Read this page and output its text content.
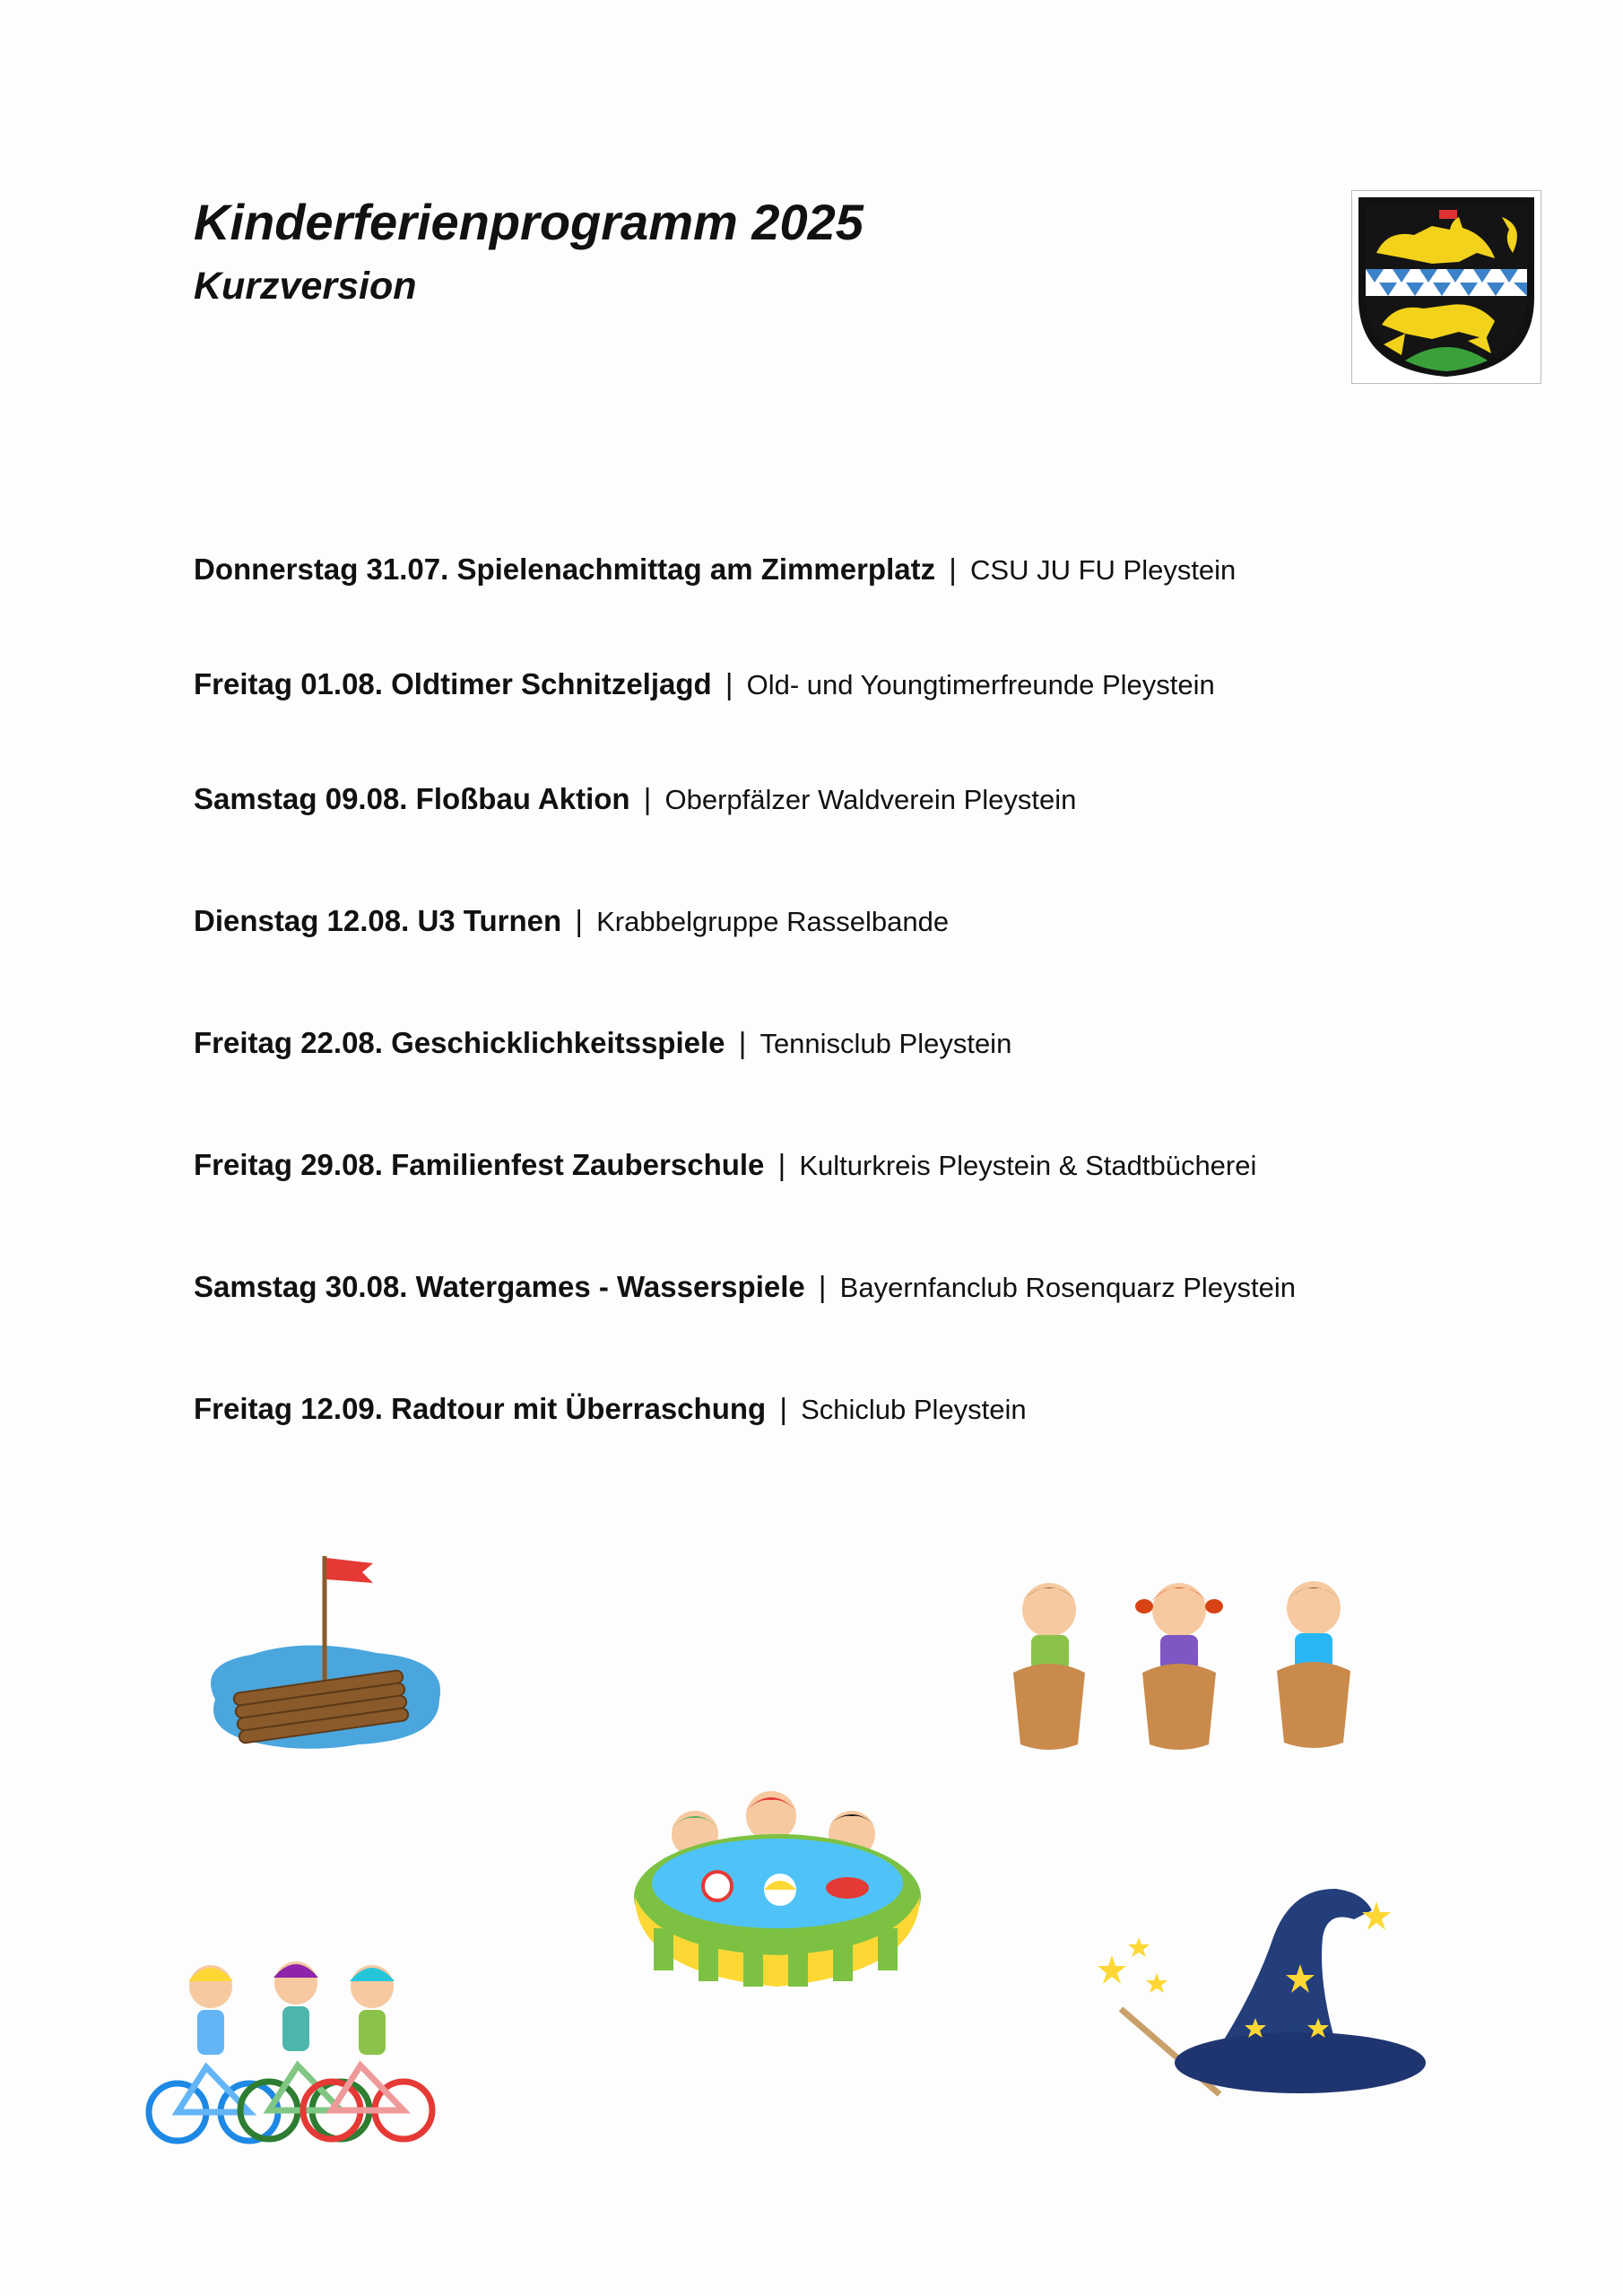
Kinderferienprogramm 2025
Kurzversion
Donnerstag 31.07. Spielenachmittag am Zimmerplatz | CSU JU FU Pleystein
Freitag 01.08. Oldtimer Schnitzeljagd | Old- und Youngtimerfreunde Pleystein
Samstag 09.08. Floßbau Aktion | Oberpfälzer Waldverein Pleystein
Dienstag 12.08. U3 Turnen | Krabbelgruppe Rasselbande
Freitag 22.08. Geschicklichkeitsspiele | Tennisclub Pleystein
Freitag 29.08. Familienfest Zauberschule | Kulturkreis Pleystein & Stadtbücherei
Samstag 30.08. Watergames - Wasserspiele | Bayernfanclub Rosenquarz Pleystein
Freitag 12.09. Radtour mit Überraschung | Schiclub Pleystein
